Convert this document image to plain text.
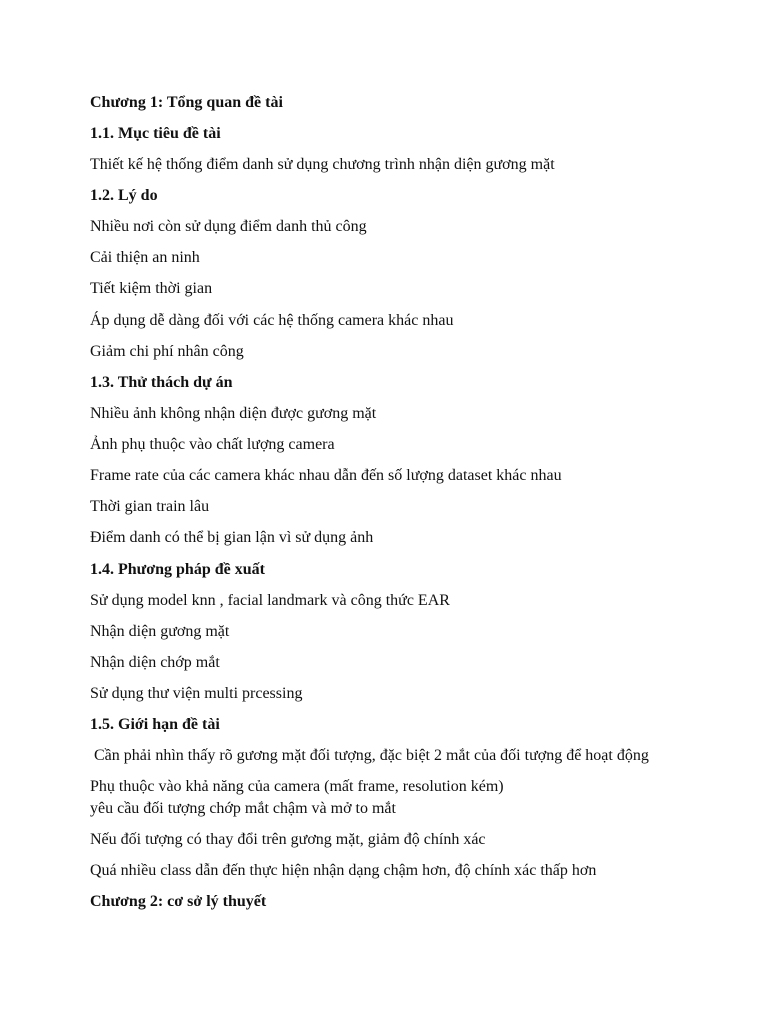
Chương 1: Tổng quan đề tài
1.1. Mục tiêu đề tài
Thiết kế hệ thống điểm danh sử dụng chương trình nhận diện gương mặt
1.2. Lý do
Nhiều nơi còn sử dụng điểm danh thủ công
Cải thiện an ninh
Tiết kiệm thời gian
Áp dụng dễ dàng đối với các hệ thống camera khác nhau
Giảm chi phí nhân công
1.3. Thử thách dự án
Nhiều ảnh không nhận diện được gương mặt
Ảnh phụ thuộc vào chất lượng camera
Frame rate của các camera khác nhau dẫn đến số lượng dataset khác nhau
Thời gian train lâu
Điểm danh có thể bị gian lận vì sử dụng ảnh
1.4. Phương pháp đề xuất
Sử dụng model knn , facial landmark và công thức EAR
Nhận diện gương mặt
Nhận diện chớp mắt
Sử dụng thư viện multi prcessing
1.5. Giới hạn đề tài
Cần phải nhìn thấy rõ gương mặt đối tượng, đặc biệt 2 mắt của đối tượng để hoạt động
Phụ thuộc vào khả năng của camera (mất frame, resolution kém)
yêu cầu đối tượng chớp mắt chậm và mở to mắt
Nếu đối tượng có thay đổi trên gương mặt, giảm độ chính xác
Quá nhiều class dẫn đến thực hiện nhận dạng chậm hơn, độ chính xác thấp hơn
Chương 2: cơ sở lý thuyết
